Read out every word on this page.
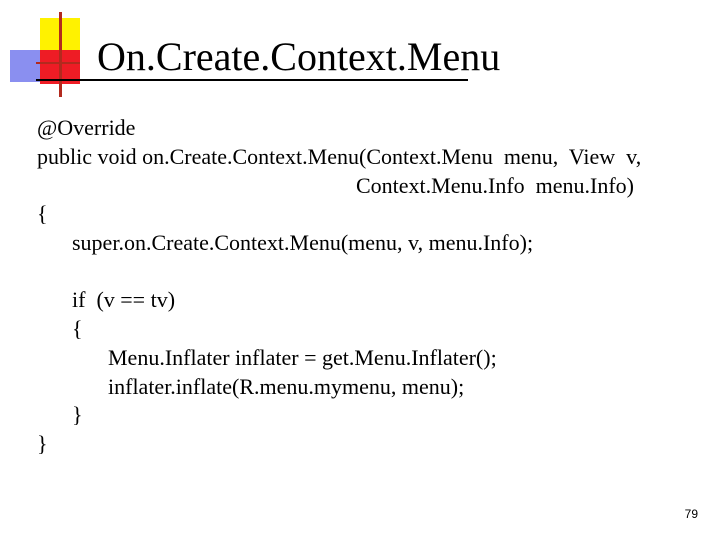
On.Create.Context.Menu
@Override
public void on.Create.Context.Menu(Context.Menu  menu,  View  v,
Context.Menu.Info  menu.Info)
{
super.on.Create.Context.Menu(menu, v, menu.Info);
if  (v == tv)
{
Menu.Inflater inflater = get.Menu.Inflater();
inflater.inflate(R.menu.mymenu, menu);
}
}
79
